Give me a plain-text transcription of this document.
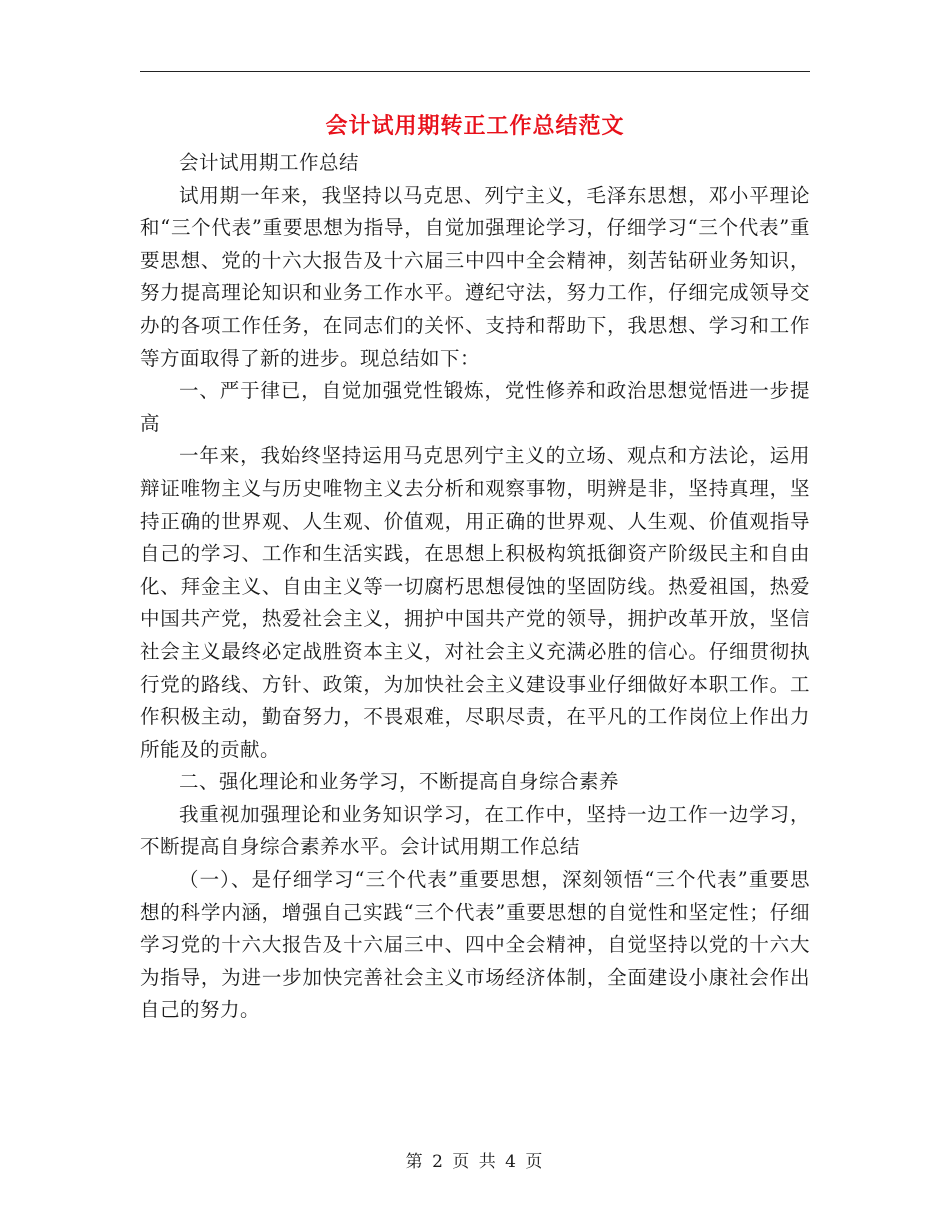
会计试用期转正工作总结范文

会计试用期工作总结

试用期一年来，我坚持以马克思、列宁主义，毛泽东思想，邓小平理论和“三个代表”重要思想为指导，自觉加强理论学习，仔细学习“三个代表”重要思想、党的十六大报告及十六届三中四中全会精神，刻苦钻研业务知识，努力提高理论知识和业务工作水平。遵纪守法，努力工作，仔细完成领导交办的各项工作任务，在同志们的关怀、支持和帮助下，我思想、学习和工作等方面取得了新的进步。现总结如下：

一、严于律已，自觉加强党性锻炼，党性修养和政治思想觉悟进一步提高

一年来，我始终坚持运用马克思列宁主义的立场、观点和方法论，运用辩证唯物主义与历史唯物主义去分析和观察事物，明辨是非，坚持真理，坚持正确的世界观、人生观、价值观，用正确的世界观、人生观、价值观指导自己的学习、工作和生活实践，在思想上积极构筑抵御资产阶级民主和自由化、拜金主义、自由主义等一切腐朽思想侵蚀的坚固防线。热爱祖国，热爱中国共产党，热爱社会主义，拥护中国共产党的领导，拥护改革开放，坚信社会主义最终必定战胜资本主义，对社会主义充满必胜的信心。仔细贯彻执行党的路线、方针、政策，为加快社会主义建设事业仔细做好本职工作。工作积极主动，勤奋努力，不畏艰难，尽职尽责，在平凡的工作岗位上作出力所能及的贡献。

二、强化理论和业务学习，不断提高自身综合素养

我重视加强理论和业务知识学习，在工作中，坚持一边工作一边学习，不断提高自身综合素养水平。会计试用期工作总结

（一）、是仔细学习“三个代表”重要思想，深刻领悟“三个代表”重要思想的科学内涵，增强自己实践“三个代表”重要思想的自觉性和坚定性；仔细学习党的十六大报告及十六届三中、四中全会精神，自觉坚持以党的十六大为指导，为进一步加快完善社会主义市场经济体制，全面建设小康社会作出自己的努力。

第 2 页 共 4 页
